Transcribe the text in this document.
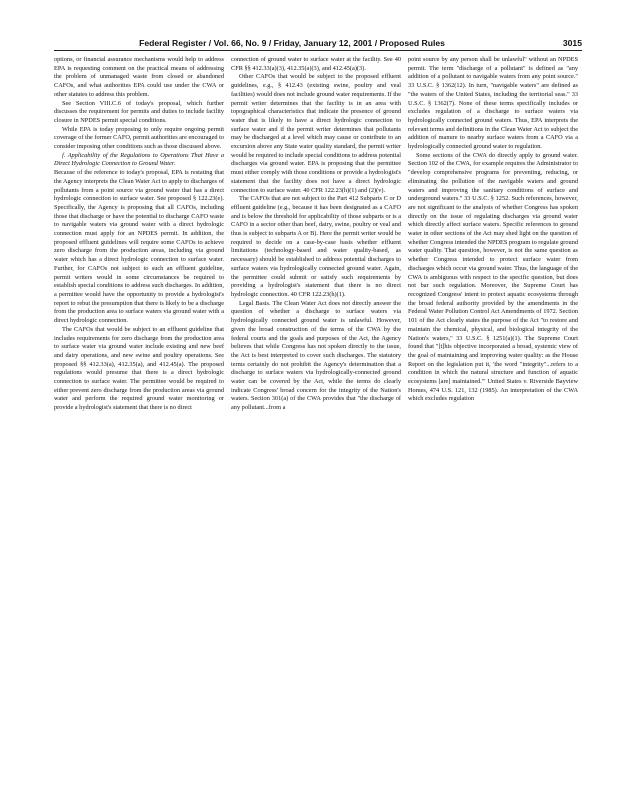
Federal Register / Vol. 66, No. 9 / Friday, January 12, 2001 / Proposed Rules	3015

options, or financial assurance mechanisms would help to address EPA is requesting comment on the practical means of addressing the problem of unmanaged waste from closed or abandoned CAFOs, and what authorities EPA could use under the CWA or other statutes to address this problem.

See Section VIII.C.6 of today's proposal, which further discusses the requirement for permits and duties to include facility closure in NPDES permit special conditions.

While EPA is today proposing to only require ongoing permit coverage of the former CAFO, permit authorities are encouraged to consider imposing other conditions such as those discussed above.

f. Applicability of the Regulations to Operations That Have a Direct Hydrologic Connection to Ground Water.

Because of the reference to today's proposal, EPA is restating that the Agency interprets the Clean Water Act to apply to discharges of pollutants from a point source via ground water that has a direct hydrologic connection to surface water. See proposed § 122.23(e). Specifically, the Agency is proposing that all CAFOs, including those that discharge or have the potential to discharge CAFO waste to navigable waters via ground water with a direct hydrologic connection must apply for an NPDES permit. In addition, the proposed effluent guidelines will require some CAFOs to achieve zero discharge from the production areas, including via ground water which has a direct hydrologic connection to surface water. Further, for CAFOs not subject to such an effluent guideline, permit writers would in some circumstances be required to establish special conditions to address such discharges. In addition, a permittee would have the opportunity to provide a hydrologist's report to rebut the presumption that there is likely to be a discharge from the production area to surface waters via ground water with a direct hydrologic connection.

The CAFOs that would be subject to an effluent guideline that includes requirements for zero discharge from the production area to surface water via ground water include existing and new beef and dairy operations, and new swine and poultry operations. See proposed §§ 412.33(a), 412.35(a), and 412.45(a). The proposed regulations would presume that there is a direct hydrologic connection to surface water. The permittee would be required to either prevent zero discharge from the production areas via ground water and perform the required ground water monitoring or provide a hydrologist's statement that there is no direct

connection of ground water to surface water at the facility. See 40 CFR §§ 412.33(a)(3), 412.35(a)(3), and 412.45(a)(3).

Other CAFOs that would be subject to the proposed effluent guidelines, e.g., § 412.43 (existing swine, poultry and veal facilities) would does not include ground water requirements. If the permit writer determines that the facility is in an area with topographical characteristics that indicate the presence of ground water that is likely to have a direct hydrologic connection to surface water and if the permit writer determines that pollutants may be discharged at a level which may cause or contribute to an excursion above any State water quality standard, the permit writer would be required to include special conditions to address potential discharges via ground water. EPA is proposing that the permittee must either comply with those conditions or provide a hydrologist's statement that the facility does not have a direct hydrologic connection to surface water. 40 CFR 122.23(h)(1) and (2)(v).

The CAFOs that are not subject to the Part 412 Subparts C or D effluent guideline (e.g., because it has been designated as a CAFO and is below the threshold for applicability of those subparts or is a CAFO in a sector other than beef, dairy, swine, poultry or veal and thus is subject to subparts A or B). Here the permit writer would be required to decide on a case-by-case basis whether effluent limitations (technology-based and water quality-based, as necessary) should be established to address potential discharges to surface waters via hydrologically connected ground water. Again, the permittee could submit or satisfy such requirements by providing a hydrologist's statement that there is no direct hydrologic connection. 40 CFR 122.23(h)(1).

Legal Basis. The Clean Water Act does not directly answer the question of whether a discharge to surface waters via hydrologically connected ground water is unlawful. However, given the broad construction of the terms of the CWA by the federal courts and the goals and purposes of the Act, the Agency believes that while Congress has not spoken directly to the issue, the Act is best interpreted to cover such discharges. The statutory terms certainly do not prohibit the Agency's determination that a discharge to surface waters via hydrologically-connected ground water can be covered by the Act, while the terms do clearly indicate Congress' broad concern for the integrity of the Nation's waters. Section 301(a) of the CWA provides that "the discharge of any pollutant...from a

point source by any person shall be unlawful" without an NPDES permit. The term "discharge of a pollutant" is defined as "any addition of a pollutant to navigable waters from any point source." 33 U.S.C. § 1362(12). In turn, "navigable waters" are defined as "the waters of the United States, including the territorial seas." 33 U.S.C. § 1362(7). None of these terms specifically includes or excludes regulation of a discharge to surface waters via hydrologically connected ground waters. Thus, EPA interprets the relevant terms and definitions in the Clean Water Act to subject the addition of manure to nearby surface waters from a CAFO via a hydrologically connected ground water to regulation.

Some sections of the CWA do directly apply to ground water. Section 102 of the CWA, for example requires the Administrator to "develop comprehensive programs for preventing, reducing, or eliminating the pollution of the navigable waters and ground waters and improving the sanitary conditions of surface and underground waters." 33 U.S.C. § 1252. Such references, however, are not significant to the analysis of whether Congress has spoken directly on the issue of regulating discharges via ground water which directly affect surface waters. Specific references to ground water in other sections of the Act may shed light on the question of whether Congress intended the NPDES program to regulate ground water quality. That question, however, is not the same question as whether Congress intended to protect surface water from discharges which occur via ground water. Thus, the language of the CWA is ambiguous with respect to the specific question, but does not bar such regulation. Moreover, the Supreme Court has recognized Congress' intent to protect aquatic ecosystems through the broad federal authority provided by the amendments in the Federal Water Pollution Control Act Amendments of 1972. Section 101 of the Act clearly states the purpose of the Act "to restore and maintain the chemical, physical, and biological integrity of the Nation's waters," 33 U.S.C. § 1251(a)(1). The Supreme Court found that "[t]his objective incorporated a broad, systemic view of the goal of maintaining and improving water quality: as the House Report on the legislation put it, 'the word "integrity"...refers to a condition in which the natural structure and function of aquatic ecosystems [are] maintained.'" United States v. Riverside Bayview Homes, 474 U.S. 121, 132 (1985). An interpretation of the CWA which excludes regulation
